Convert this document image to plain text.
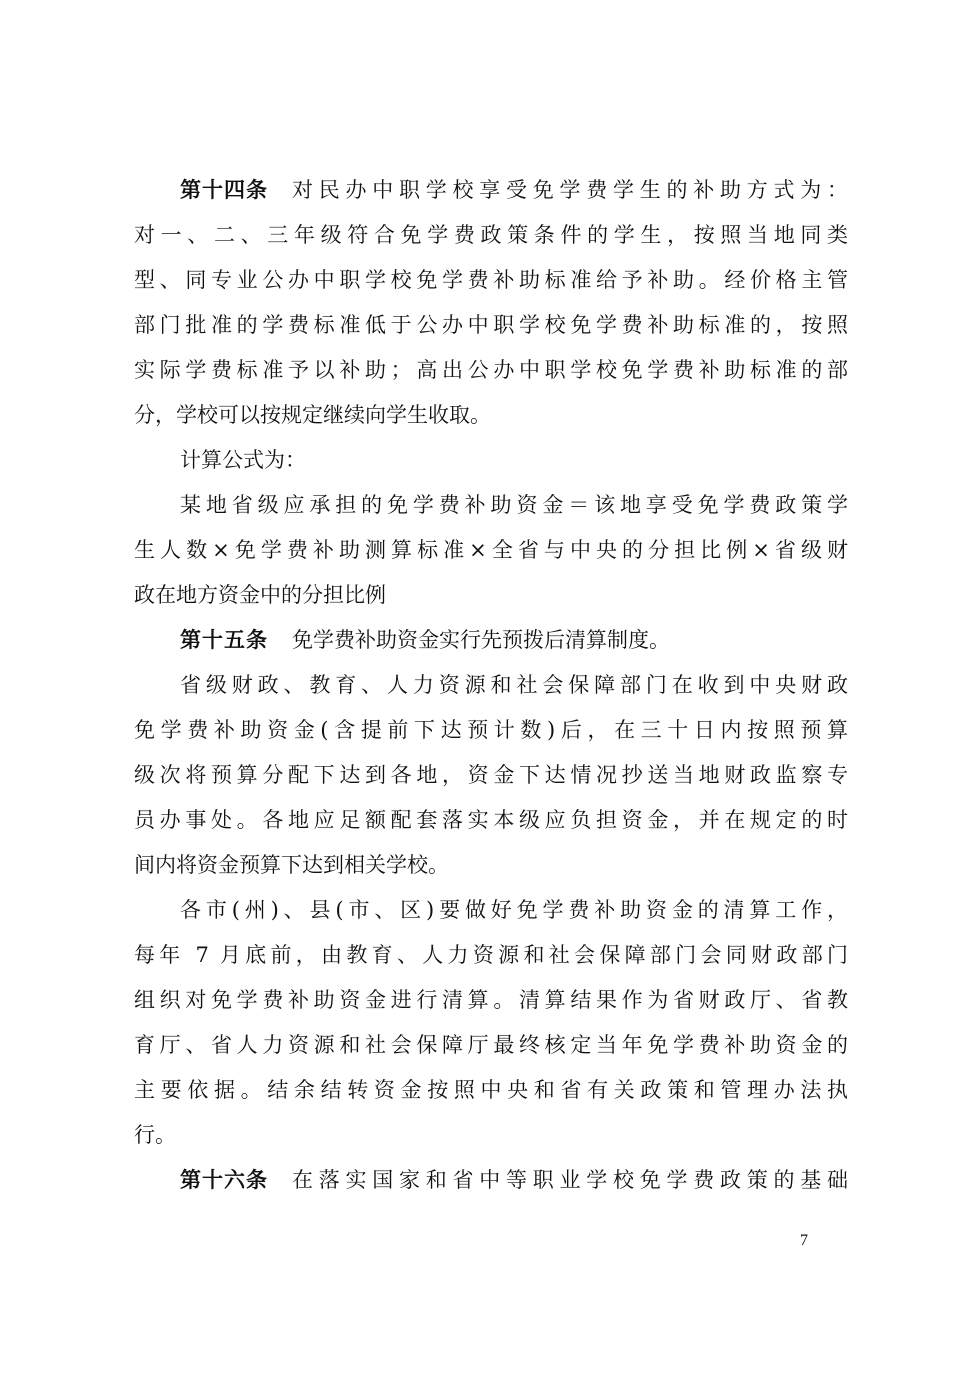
第十四条 对民办中职学校享受免学费学生的补助方式为：
对一、二、三年级符合免学费政策条件的学生，按照当地同类
型、同专业公办中职学校免学费补助标准给予补助。经价格主管
部门批准的学费标准低于公办中职学校免学费补助标准的，按照
实际学费标准予以补助；高出公办中职学校免学费补助标准的部
分，学校可以按规定继续向学生收取。
计算公式为：
某地省级应承担的免学费补助资金＝该地享受免学费政策学
生人数×免学费补助测算标准×全省与中央的分担比例×省级财
政在地方资金中的分担比例
第十五条 免学费补助资金实行先预拨后清算制度。
省级财政、教育、人力资源和社会保障部门在收到中央财政
免学费补助资金(含提前下达预计数)后，在三十日内按照预算
级次将预算分配下达到各地，资金下达情况抄送当地财政监察专
员办事处。各地应足额配套落实本级应负担资金，并在规定的时
间内将资金预算下达到相关学校。
各市(州)、县(市、区)要做好免学费补助资金的清算工作，
每年 7 月底前，由教育、人力资源和社会保障部门会同财政部门
组织对免学费补助资金进行清算。清算结果作为省财政厅、省教
育厅、省人力资源和社会保障厅最终核定当年免学费补助资金的
主要依据。结余结转资金按照中央和省有关政策和管理办法执
行。
第十六条 在落实国家和省中等职业学校免学费政策的基础
7
